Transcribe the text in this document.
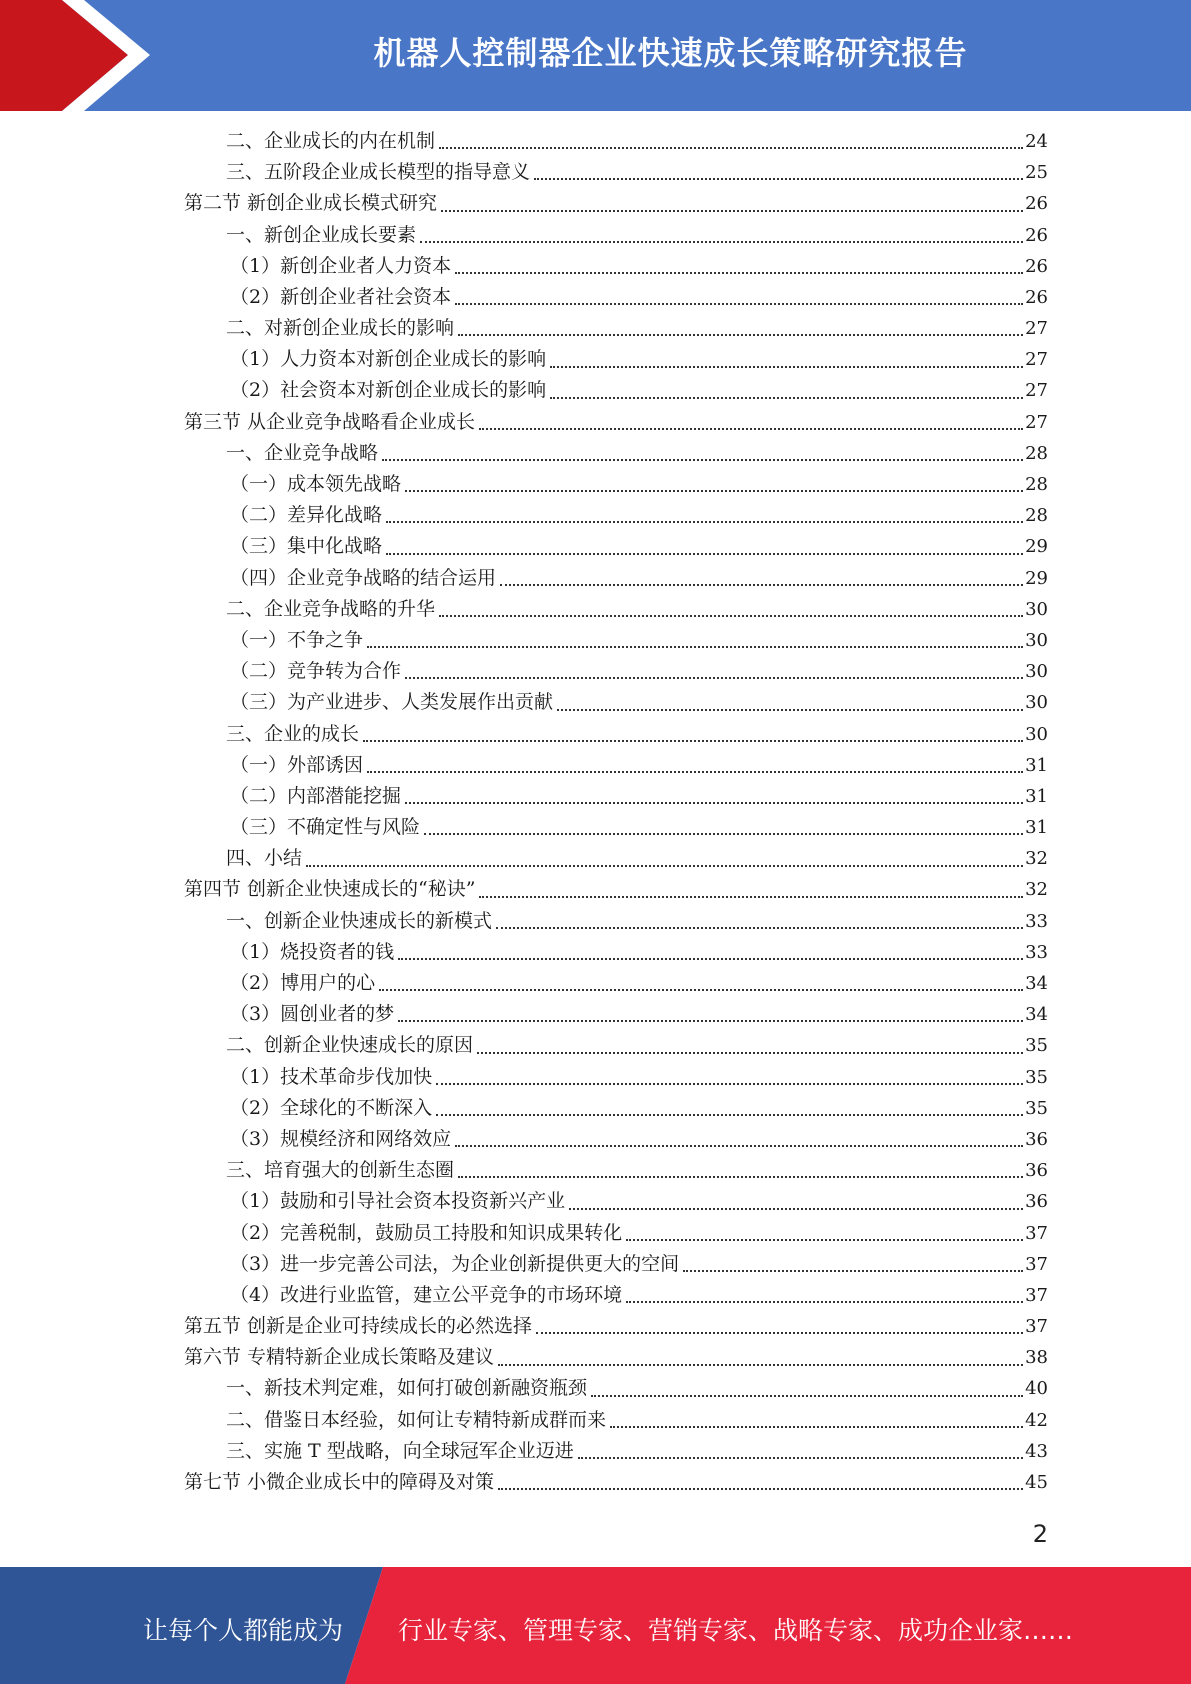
机器人控制器企业快速成长策略研究报告
二、企业成长的内在机制	24
三、五阶段企业成长模型的指导意义	25
第二节 新创企业成长模式研究	26
一、新创企业成长要素	26
（1）新创企业者人力资本	26
（2）新创企业者社会资本	26
二、对新创企业成长的影响	27
（1）人力资本对新创企业成长的影响	27
（2）社会资本对新创企业成长的影响	27
第三节 从企业竞争战略看企业成长	27
一、企业竞争战略	28
（一）成本领先战略	28
（二）差异化战略	28
（三）集中化战略	29
（四）企业竞争战略的结合运用	29
二、企业竞争战略的升华	30
（一）不争之争	30
（二）竞争转为合作	30
（三）为产业进步、人类发展作出贡献	30
三、企业的成长	30
（一）外部诱因	31
（二）内部潜能挖掘	31
（三）不确定性与风险	31
四、小结	32
第四节 创新企业快速成长的“秘诀”	32
一、创新企业快速成长的新模式	33
（1）烧投资者的钱	33
（2）博用户的心	34
（3）圆创业者的梦	34
二、创新企业快速成长的原因	35
（1）技术革命步伐加快	35
（2）全球化的不断深入	35
（3）规模经济和网络效应	36
三、培育强大的创新生态圈	36
（1）鼓励和引导社会资本投资新兴产业	36
（2）完善税制，鼓励员工持股和知识成果转化	37
（3）进一步完善公司法，为企业创新提供更大的空间	37
（4）改进行业监管，建立公平竞争的市场环境	37
第五节 创新是企业可持续成长的必然选择	37
第六节 专精特新企业成长策略及建议	38
一、新技术判定难，如何打破创新融资瓶颈	40
二、借鉴日本经验，如何让专精特新成群而来	42
三、实施 T 型战略，向全球冠军企业迈进	43
第七节 小微企业成长中的障碍及对策	45
2
让每个人都能成为 行业专家、管理专家、营销专家、战略专家、成功企业家……
